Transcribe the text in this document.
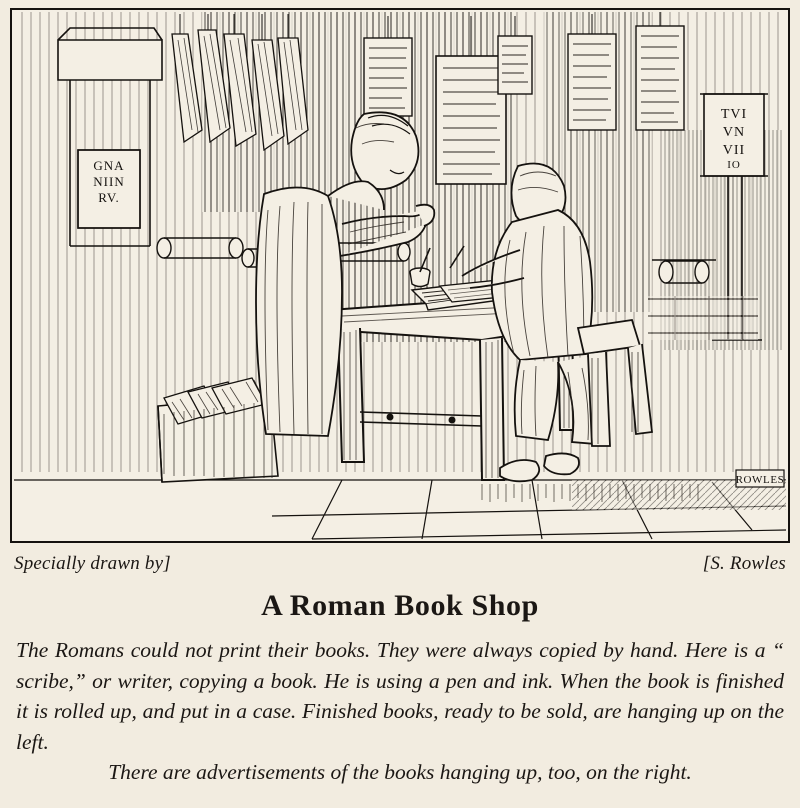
GNA
NIIN
RV.
TVI
VN
VII
IO
ROWLES
Specially drawn by]	[S. Rowles
A Roman Book Shop

The Romans could not print their books. They were always copied by hand. Here is a “ scribe,” or writer, copying a book. He is using a pen and ink. When the book is finished it is rolled up, and put in a case. Finished books, ready to be sold, are hanging up on the left.

There are advertisements of the books hanging up, too, on the right.
